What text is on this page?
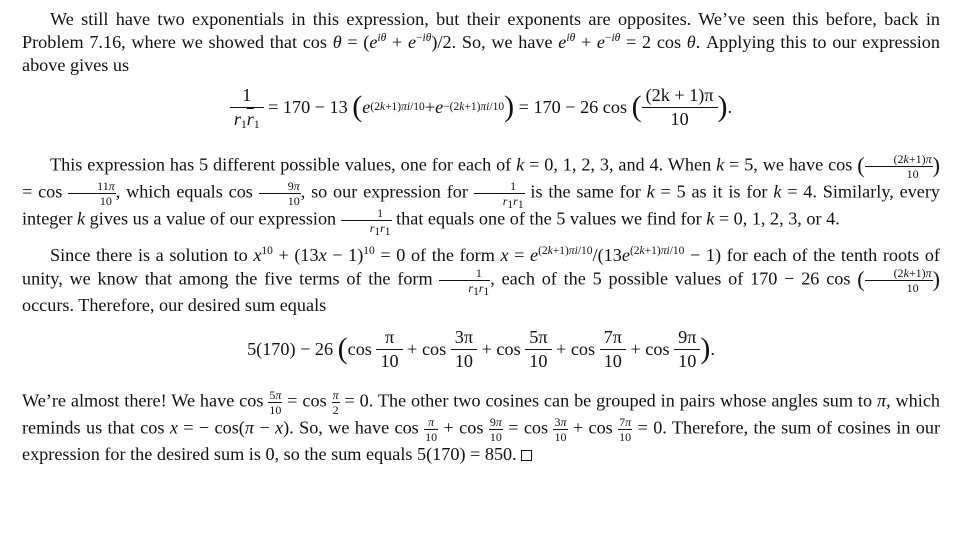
We still have two exponentials in this expression, but their exponents are opposites. We’ve seen this before, back in Problem 7.16, where we showed that $\cos \theta = (e^{i\theta} + e^{-i\theta})/2$. So, we have $e^{i\theta} + e^{-i\theta} = 2$ cos θ. Applying this to our expression above gives us

$\frac{1}{r_1\overline{r}_1}$
= 170 − 13
( e (2k+1)πi/10 + e −(2k+1)πi/10 )
= 170 − 26 cos
( $\frac{(2k + 1)\pi}{10}$ ) .

This expression has 5 different possible values, one for each of k = 0, 1, 2, 3, and 4. When k = 5, we have cos ( $\frac{(2k+1)\pi}{10}$ ) = $\cos \frac{11\pi}{10}$ , which equals $\cos \frac{9\pi}{10}$ , so our expression for $\frac{1}{r_1\overline{r}_1}$ is the same for k = 5 as it is for k = 4. Similarly, every integer k gives us a value of our expression $\frac{1}{r_1\overline{r}_1}$ that equals one of the 5 values we find for k = 0, 1, 2, 3, or 4.

Since there is a solution to $x^{10} + (13x - 1)^{10} = 0$ of the form $x = e^{(2k+1)\pi i/10}/(13e^{(2k+1)\pi i/10} - 1)$ for each of the tenth roots of unity, we know that among the five terms of the form $\frac{1}{r_1\overline{r}_1}$ , each of the 5 possible values of 170 − 26 cos ( $\frac{(2k+1)\pi}{10}$ ) occurs. Therefore, our desired sum equals

5(170) − 26
( cos
$\frac{\pi}{10}$
+ cos
$\frac{3\pi}{10}$
+ cos
$\frac{5\pi}{10}$
+ cos
$\frac{7\pi}{10}$
+ cos
$\frac{9\pi}{10}$ ) .

We’re almost there! We have $\cos \frac{5\pi}{10} = \cos \frac{\pi}{2} = 0$. The other two cosines can be grouped in pairs whose angles sum to π, which reminds us that cos x = − cos(π − x). So, we have $\cos \frac{\pi}{10} + \cos \frac{9\pi}{10} = \cos \frac{3\pi}{10} + \cos \frac{7\pi}{10} = 0$. Therefore, the sum of cosines in our expression for the desired sum is 0, so the sum equals 5(170) = 850.
